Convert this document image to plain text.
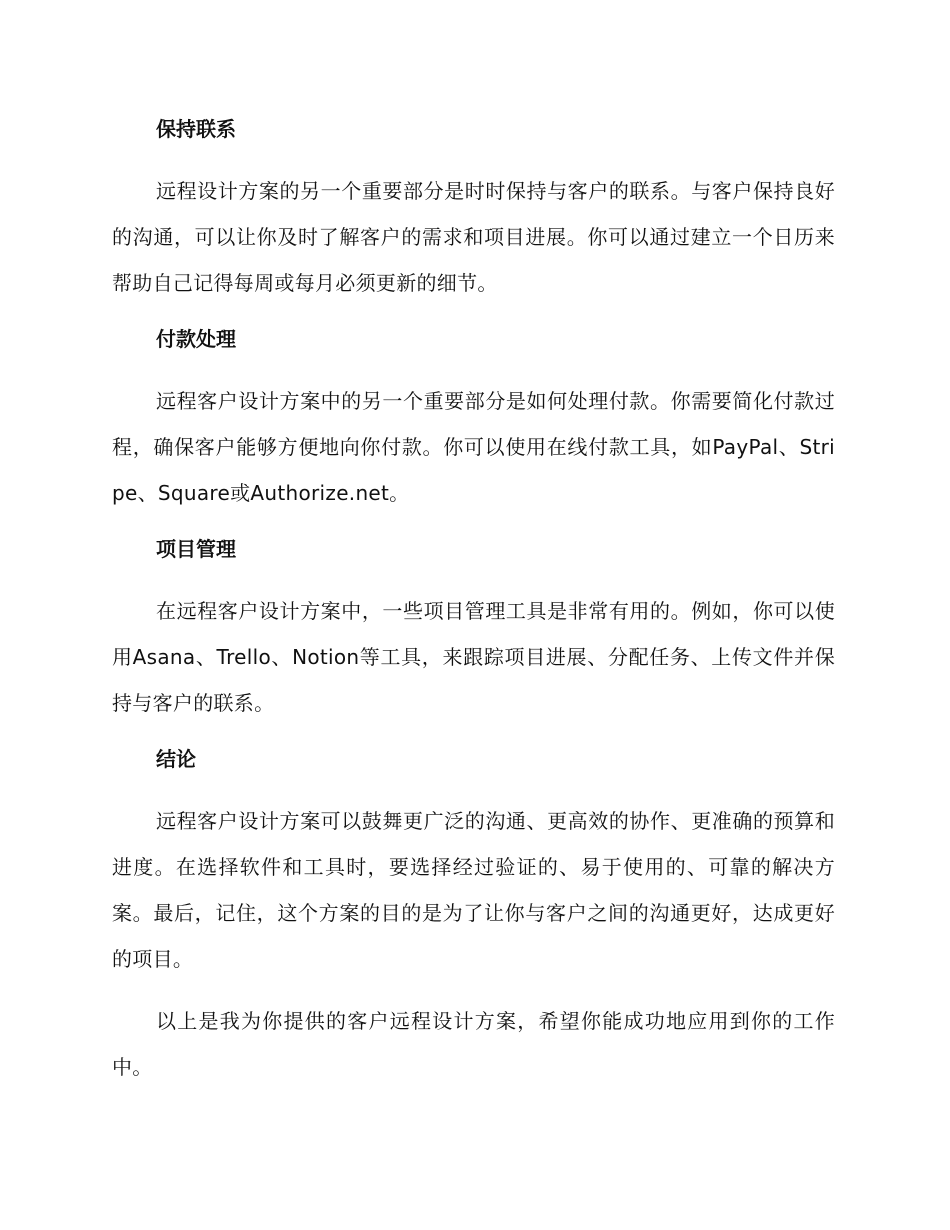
保持联系

远程设计方案的另一个重要部分是时时保持与客户的联系。与客户保持良好的沟通，可以让你及时了解客户的需求和项目进展。你可以通过建立一个日历来帮助自己记得每周或每月必须更新的细节。

付款处理

远程客户设计方案中的另一个重要部分是如何处理付款。你需要简化付款过程，确保客户能够方便地向你付款。你可以使用在线付款工具，如PayPal、Stripe、Square或Authorize.net。

项目管理

在远程客户设计方案中，一些项目管理工具是非常有用的。例如，你可以使用Asana、Trello、Notion等工具，来跟踪项目进展、分配任务、上传文件并保持与客户的联系。

结论

远程客户设计方案可以鼓舞更广泛的沟通、更高效的协作、更准确的预算和进度。在选择软件和工具时，要选择经过验证的、易于使用的、可靠的解决方案。最后，记住，这个方案的目的是为了让你与客户之间的沟通更好，达成更好的项目。

以上是我为你提供的客户远程设计方案，希望你能成功地应用到你的工作中。
